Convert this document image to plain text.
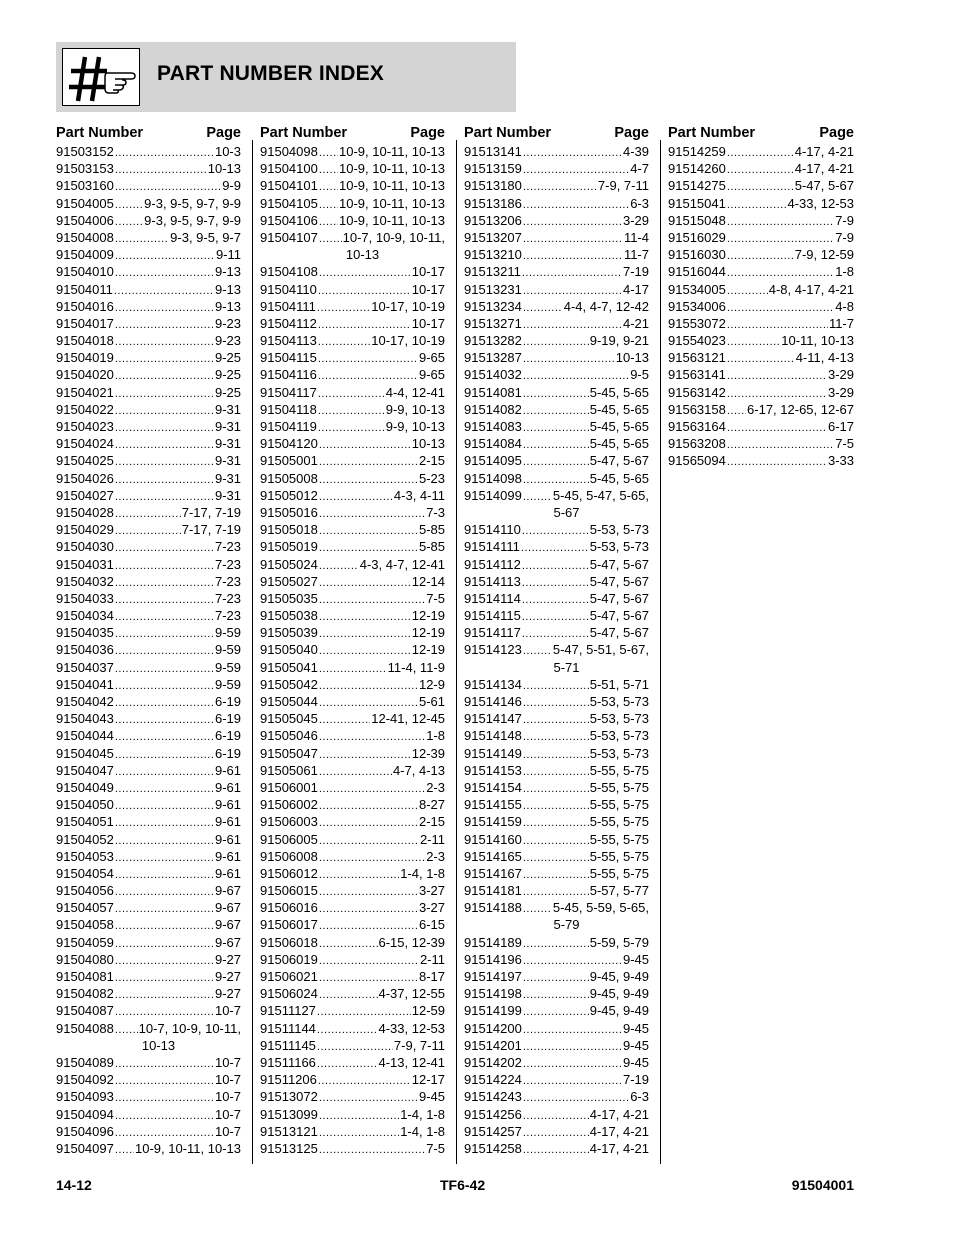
PART NUMBER INDEX
Part Number	Page
91503152 .....	10-3
91503153 .....	10-13
91503160 .....	9-9
91504005 ..... 9-3, 9-5, 9-7, 9-9
91504006 ..... 9-3, 9-5, 9-7, 9-9
91504008 .....	9-3, 9-5, 9-7
91504009 .....	9-11
91504010 .....	9-13
91504011 .....	9-13
91504016 .....	9-13
91504017 .....	9-23
91504018 .....	9-23
91504019 .....	9-25
91504020 .....	9-25
91504021 .....	9-25
91504022 .....	9-31
91504023 .....	9-31
91504024 .....	9-31
91504025 .....	9-31
91504026 .....	9-31
91504027 .....	9-31
91504028 .....	7-17, 7-19
91504029 .....	7-17, 7-19
91504030 .....	7-23
91504031 .....	7-23
91504032 .....	7-23
91504033 .....	7-23
91504034 .....	7-23
91504035 .....	9-59
91504036 .....	9-59
91504037 .....	9-59
91504041 .....	9-59
91504042 .....	6-19
91504043 .....	6-19
91504044 .....	6-19
91504045 .....	6-19
91504047 .....	9-61
91504049 .....	9-61
91504050 .....	9-61
91504051 .....	9-61
91504052 .....	9-61
91504053 .....	9-61
91504054 .....	9-61
91504056 .....	9-67
91504057 .....	9-67
91504058 .....	9-67
91504059 .....	9-67
91504080 .....	9-27
91504081 .....	9-27
91504082 .....	9-27
91504087 .....	10-7
91504088 ..... 10-7, 10-9, 10-11,
10-13
91504089 .....	10-7
91504092 .....	10-7
91504093 .....	10-7
91504094 .....	10-7
91504096 .....	10-7
91504097 ..... 10-9, 10-11, 10-13
Part Number	Page
91504098 ..... 10-9, 10-11, 10-13
91504100 ..... 10-9, 10-11, 10-13
91504101 ..... 10-9, 10-11, 10-13
91504105 ..... 10-9, 10-11, 10-13
91504106 ..... 10-9, 10-11, 10-13
91504107 ..... 10-7, 10-9, 10-11,
10-13
91504108 .....	10-17
91504110 .....	10-17
91504111 .....	10-17, 10-19
91504112 .....	10-17
91504113 .....	10-17, 10-19
91504115 .....	9-65
91504116 .....	9-65
91504117 .....	4-4, 12-41
91504118 .....	9-9, 10-13
91504119 .....	9-9, 10-13
91504120 .....	10-13
91505001 .....	2-15
91505008 .....	5-23
91505012 .....	4-3, 4-11
91505016 .....	7-3
91505018 .....	5-85
91505019 .....	5-85
91505024 .....	4-3, 4-7, 12-41
91505027 .....	12-14
91505035 .....	7-5
91505038 .....	12-19
91505039 .....	12-19
91505040 .....	12-19
91505041 .....	11-4, 11-9
91505042 .....	12-9
91505044 .....	5-61
91505045 .....	12-41, 12-45
91505046 .....	1-8
91505047 .....	12-39
91505061 .....	4-7, 4-13
91506001 .....	2-3
91506002 .....	8-27
91506003 .....	2-15
91506005 .....	2-11
91506008 .....	2-3
91506012 .....	1-4, 1-8
91506015 .....	3-27
91506016 .....	3-27
91506017 .....	6-15
91506018 .....	6-15, 12-39
91506019 .....	2-11
91506021 .....	8-17
91506024 .....	4-37, 12-55
91511127 .....	12-59
91511144 .....	4-33, 12-53
91511145 .....	7-9, 7-11
91511166 .....	4-13, 12-41
91511206 .....	12-17
91513072 .....	9-45
91513099 .....	1-4, 1-8
91513121 .....	1-4, 1-8
91513125 .....	7-5
Part Number	Page
91513141 .....	4-39
91513159 .....	4-7
91513180 .....	7-9, 7-11
91513186 .....	6-3
91513206 .....	3-29
91513207 .....	11-4
91513210 .....	11-7
91513211 .....	7-19
91513231 .....	4-17
91513234 .....	4-4, 4-7, 12-42
91513271 .....	4-21
91513282 .....	9-19, 9-21
91513287 .....	10-13
91514032 .....	9-5
91514081 .....	5-45, 5-65
91514082 .....	5-45, 5-65
91514083 .....	5-45, 5-65
91514084 .....	5-45, 5-65
91514095 .....	5-47, 5-67
91514098 .....	5-45, 5-65
91514099 ..... 5-45, 5-47, 5-65,
5-67
91514110 .....	5-53, 5-73
91514111 .....	5-53, 5-73
91514112 .....	5-47, 5-67
91514113 .....	5-47, 5-67
91514114 .....	5-47, 5-67
91514115 .....	5-47, 5-67
91514117 .....	5-47, 5-67
91514123 ..... 5-47, 5-51, 5-67,
5-71
91514134 .....	5-51, 5-71
91514146 .....	5-53, 5-73
91514147 .....	5-53, 5-73
91514148 .....	5-53, 5-73
91514149 .....	5-53, 5-73
91514153 .....	5-55, 5-75
91514154 .....	5-55, 5-75
91514155 .....	5-55, 5-75
91514159 .....	5-55, 5-75
91514160 .....	5-55, 5-75
91514165 .....	5-55, 5-75
91514167 .....	5-55, 5-75
91514181 .....	5-57, 5-77
91514188 ..... 5-45, 5-59, 5-65,
5-79
91514189 .....	5-59, 5-79
91514196 .....	9-45
91514197 .....	9-45, 9-49
91514198 .....	9-45, 9-49
91514199 .....	9-45, 9-49
91514200 .....	9-45
91514201 .....	9-45
91514202 .....	9-45
91514224 .....	7-19
91514243 .....	6-3
91514256 .....	4-17, 4-21
91514257 .....	4-17, 4-21
91514258 .....	4-17, 4-21
Part Number	Page
91514259 .....	4-17, 4-21
91514260 .....	4-17, 4-21
91514275 .....	5-47, 5-67
91515041 .....	4-33, 12-53
91515048 .....	7-9
91516029 .....	7-9
91516030 .....	7-9, 12-59
91516044 .....	1-8
91534005 .....	4-8, 4-17, 4-21
91534006 .....	4-8
91553072 .....	11-7
91554023 .....	10-11, 10-13
91563121 .....	4-11, 4-13
91563141 .....	3-29
91563142 .....	3-29
91563158 ..... 6-17, 12-65, 12-67
91563164 .....	6-17
91563208 .....	7-5
91565094 .....	3-33
14-12	TF6-42	91504001
